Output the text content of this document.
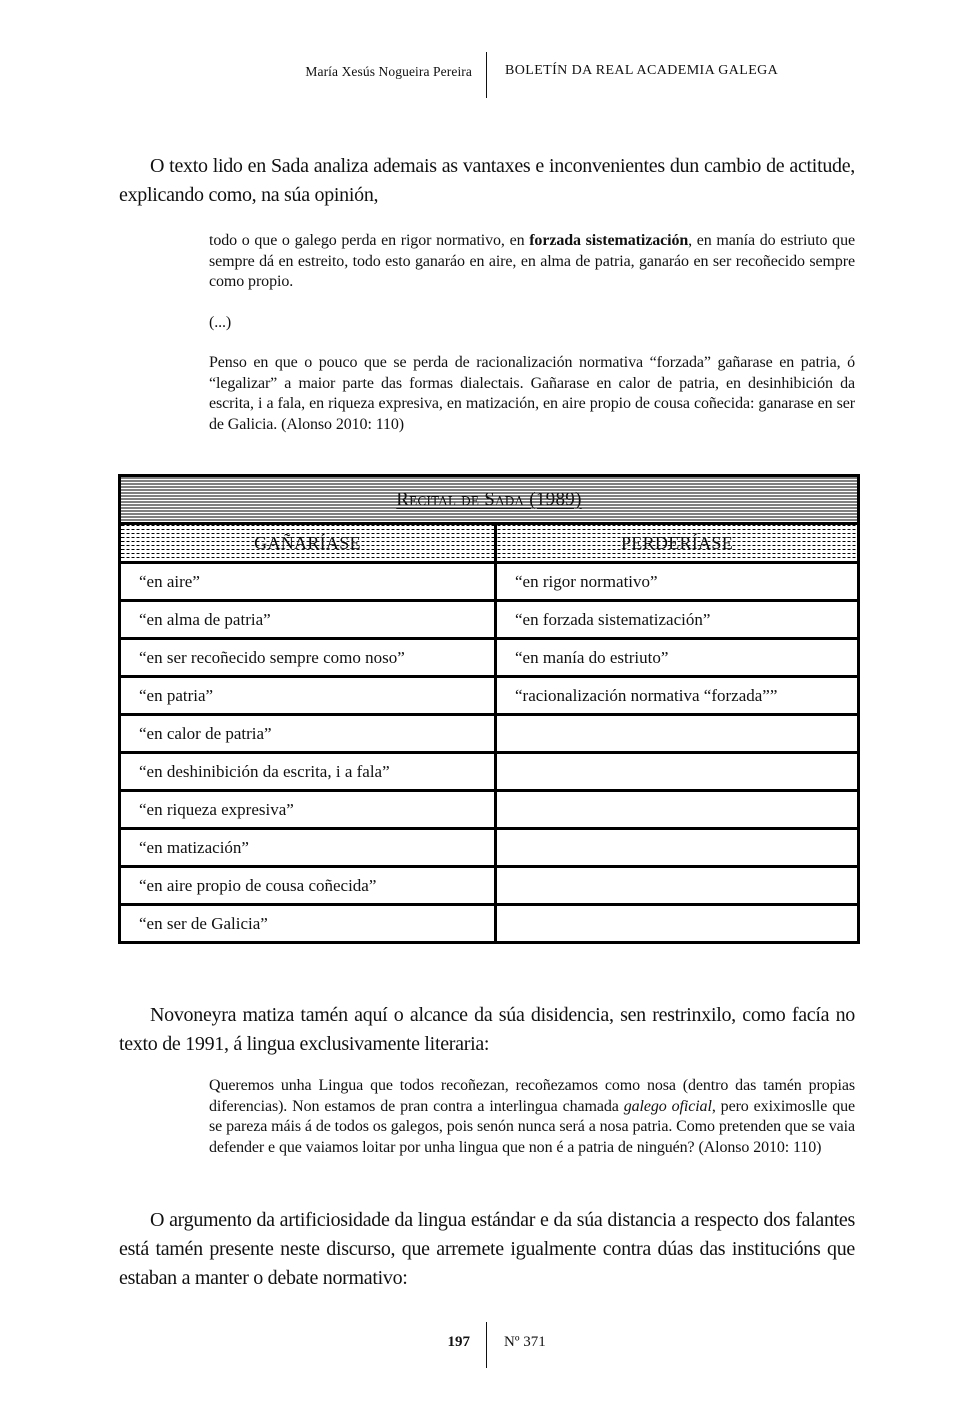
María Xesús Nogueira Pereira BOLETÍN DA REAL ACADEMIA GALEGA

O texto lido en Sada analiza ademais as vantaxes e inconvenientes dun cambio de actitude, explicando como, na súa opinión,

todo o que o galego perda en rigor normativo, en forzada sistematización, en manía do estriuto que sempre dá en estreito, todo esto ganaráo en aire, en alma de patria, ganaráo en ser recoñecido sempre como propio.

(...)

Penso en que o pouco que se perda de racionalización normativa “forzada” gañarase en patria, ó “legalizar” a maior parte das formas dialectais. Gañarase en calor de patria, en desinhibición da escrita, i a fala, en riqueza expresiva, en matización, en aire propio de cousa coñecida: ganarase en ser de Galicia. (Alonso 2010: 110)

Recital de Sada (1989)	

GAÑARÍASE	PERDERÍASE

“en aire”	“en rigor normativo”
“en alma de patria”	“en forzada sistematización”
“en ser recoñecido sempre como noso”	“en manía do estriuto”
“en patria”	“racionalización normativa “forzada””
“en calor de patria”	
“en deshinibición da escrita, i a fala”	
“en riqueza expresiva”	
“en matización”	
“en aire propio de cousa coñecida”	
“en ser de Galicia”	

Novoneyra matiza tamén aquí o alcance da súa disidencia, sen restrinxilo, como facía no texto de 1991, á lingua exclusivamente literaria:

Queremos unha Lingua que todos recoñezan, recoñezamos como nosa (dentro das tamén propias diferencias). Non estamos de pran contra a interlingua chamada galego oficial, pero exiximoslle que se pareza máis á de todos os galegos, pois senón nunca será a nosa patria. Como pretenden que se vaia defender e que vaiamos loitar por unha lingua que non é a patria de ninguén? (Alonso 2010: 110)

O argumento da artificiosidade da lingua estándar e da súa distancia a respecto dos falantes está tamén presente neste discurso, que arremete igualmente contra dúas das institucións que estaban a manter o debate normativo:

197 Nº 371
